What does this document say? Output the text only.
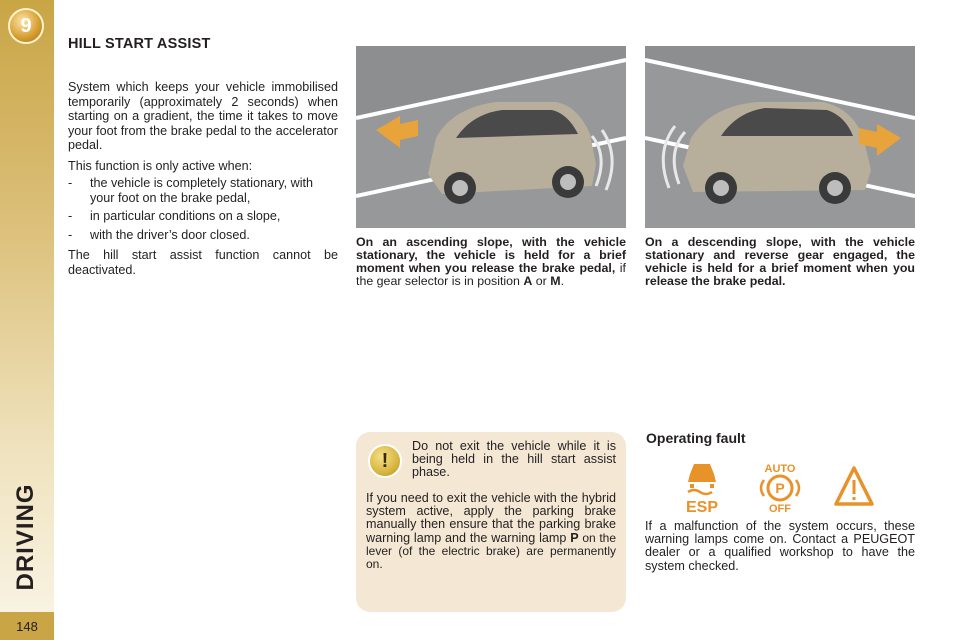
9
DRIVING
148
HILL START ASSIST

System which keeps your vehicle immobilised temporarily (approximately 2 seconds) when starting on a gradient, the time it takes to move your foot from the brake pedal to the accelerator pedal.

This function is only active when:

- the vehicle is completely stationary, with your foot on the brake pedal,
- in particular conditions on a slope,
- with the driver’s door closed.

The hill start assist function cannot be deactivated.

On an ascending slope, with the vehicle stationary, the vehicle is held for a brief moment when you release the brake pedal, if the gear selector is in position A or M.
On a descending slope, with the vehicle stationary and reverse gear engaged, the vehicle is held for a brief moment when you release the brake pedal.
!
Do not exit the vehicle while it is being held in the hill start assist phase.
If you need to exit the vehicle with the hybrid system active, apply the parking brake manually then ensure that the parking brake warning lamp and the warning lamp P on the lever (of the electric brake) are permanently on.
Operating fault
ESP
AUTO
P
OFF
If a malfunction of the system occurs, these warning lamps come on. Contact a PEUGEOT dealer or a qualified workshop to have the system checked.
